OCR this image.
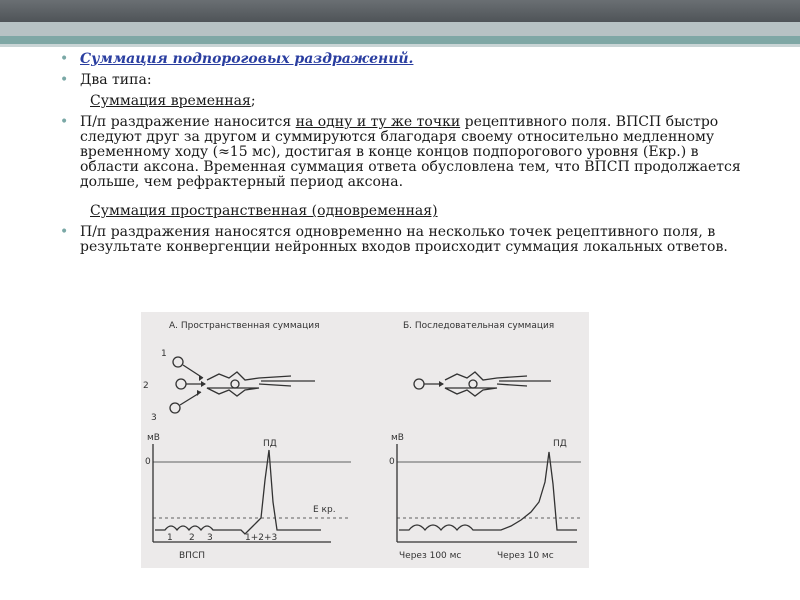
• Суммация подпороговых раздражений.

• Два типа:

Суммация временная;

• П/п раздражение наносится на одну и ту же точки рецептивного поля. ВПСП быстро следуют друг за другом и суммируются благодаря своему относительно медленному временному ходу (≈15 мс), достигая в конце концов подпорогового уровня (Екр.) в области аксона. Временная суммация ответа обусловлена тем, что ВПСП продолжается дольше, чем рефрактерный период аксона.

Суммация пространственная (одновременная)

• П/п раздражения наносятся одновременно на несколько точек рецептивного поля, в результате конвергенции нейронных входов происходит суммация локальных ответов.

А. Пространственная суммация	Б. Последовательная суммация
1
2
3
мВ
0
ПД
Е кр.
1 2 3	1+2+3
ВПСП
мВ
0
ПД
Через 100 мс	Через 10 мс
